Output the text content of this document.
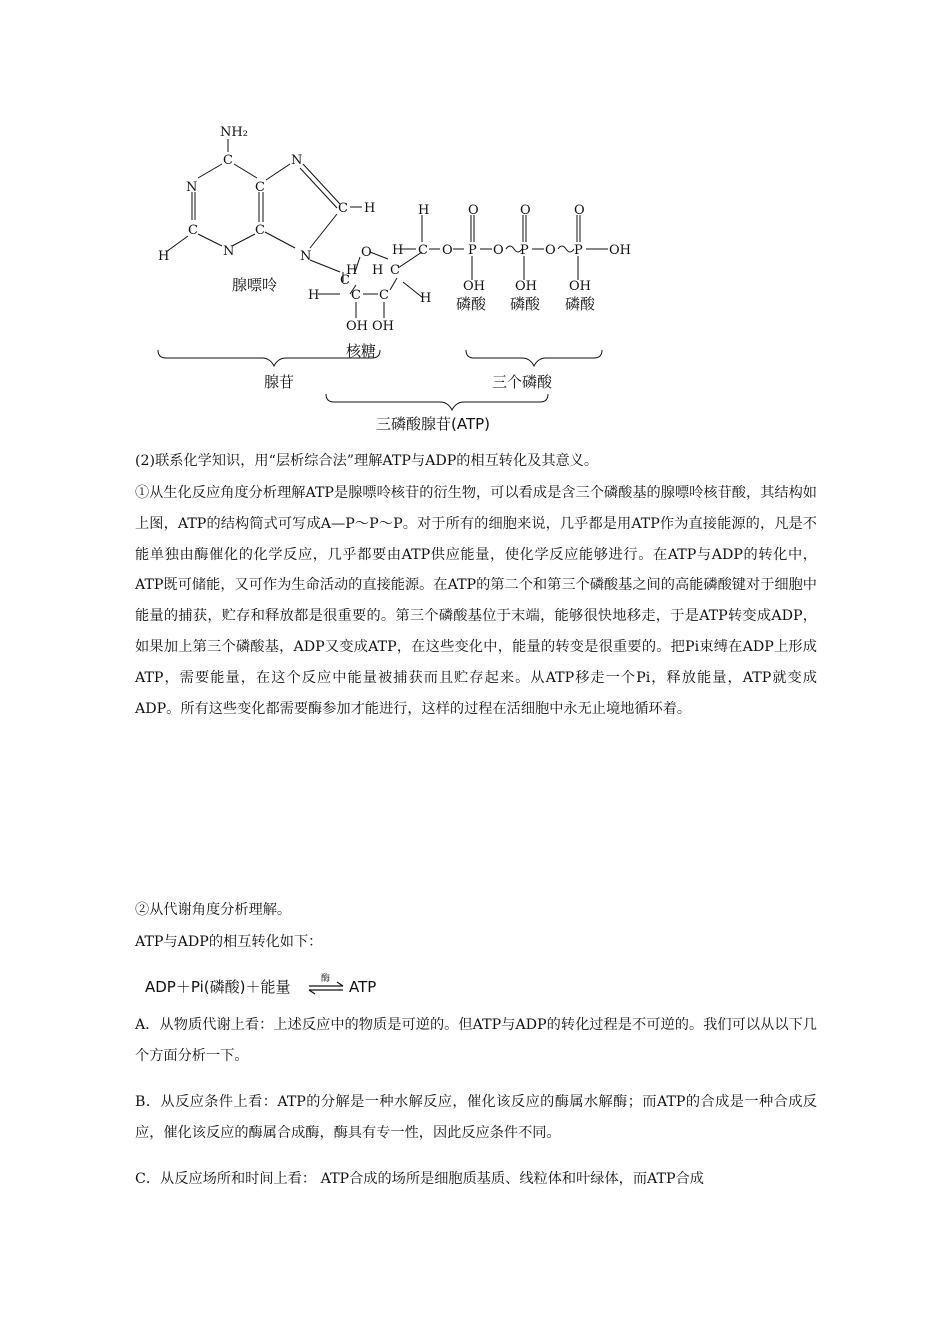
NH₂
C	N
N	C
C H
C	C
H	N	N	O
H H C
C
H C C H
OH OH
H
H C O
O
P O
O
P O
O
P OH
OH OH OH
腺嘌呤
磷酸 磷酸 磷酸
核糖
腺苷	三个磷酸
三磷酸腺苷(ATP)

(2)联系化学知识，用“层析综合法”理解ATP与ADP的相互转化及其意义。

①从生化反应角度分析理解ATP是腺嘌呤核苷的衍生物，可以看成是含三个磷酸基的腺嘌呤核苷酸，其结构如上图，ATP的结构简式可写成A—P～P～P。对于所有的细胞来说，几乎都是用ATP作为直接能源的，凡是不能单独由酶催化的化学反应，几乎都要由ATP供应能量，使化学反应能够进行。在ATP与ADP的转化中，ATP既可储能，又可作为生命活动的直接能源。在ATP的第二个和第三个磷酸基之间的高能磷酸键对于细胞中能量的捕获，贮存和释放都是很重要的。第三个磷酸基位于末端，能够很快地移走，于是ATP转变成ADP，如果加上第三个磷酸基，ADP又变成ATP，在这些变化中，能量的转变是很重要的。把Pi束缚在ADP上形成ATP，需要能量，在这个反应中能量被捕获而且贮存起来。从ATP移走一个Pi，释放能量，ATP就变成ADP。所有这些变化都需要酶参加才能进行，这样的过程在活细胞中永无止境地循环着。

②从代谢角度分析理解。

ATP与ADP的相互转化如下：

ADP＋Pi(磷酸)＋能量	酶 ATP

A．从物质代谢上看：上述反应中的物质是可逆的。但ATP与ADP的转化过程是不可逆的。我们可以从以下几个方面分析一下。

B．从反应条件上看：ATP的分解是一种水解反应，催化该反应的酶属水解酶；而ATP的合成是一种合成反应，催化该反应的酶属合成酶，酶具有专一性，因此反应条件不同。

C．从反应场所和时间上看： ATP合成的场所是细胞质基质、线粒体和叶绿体，而ATP合成
